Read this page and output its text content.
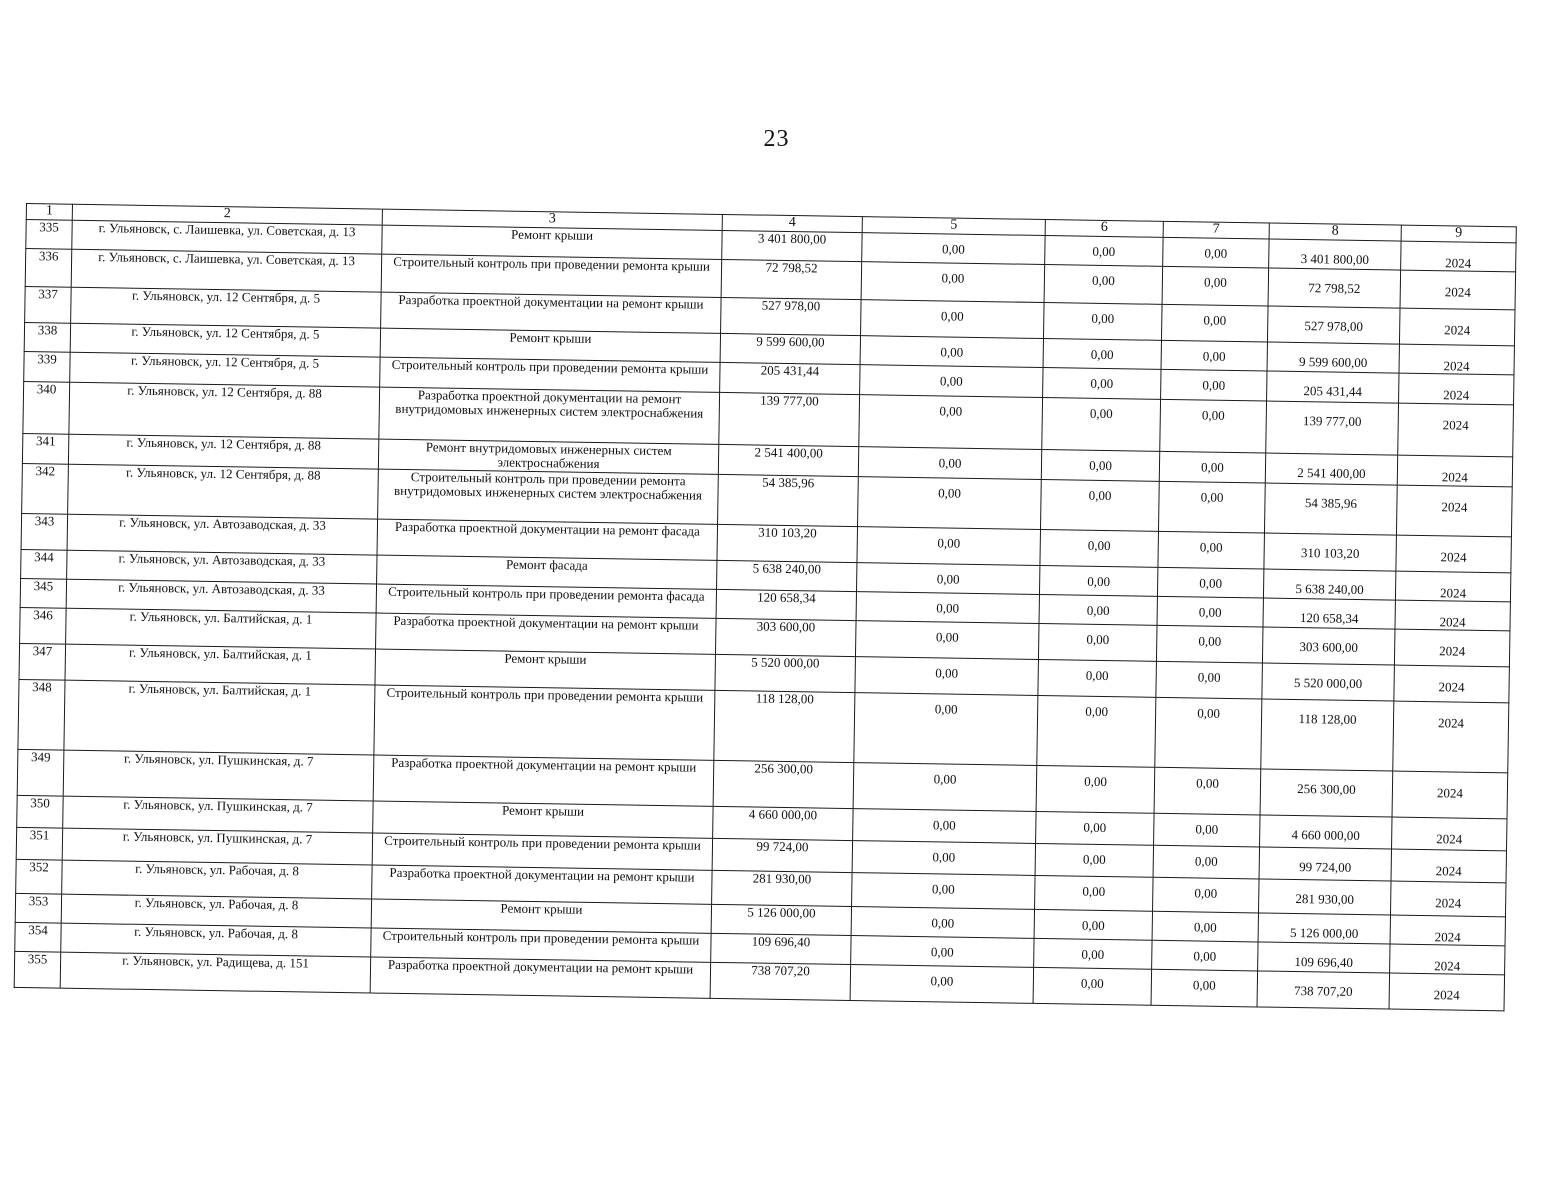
23
1	2	3	4	5	6	7	8	9
335	г. Ульяновск, с. Лаишевка, ул. Советская, д. 13	Ремонт крыши	3 401 800,00	0,00	0,00	0,00	3 401 800,00	2024
336	г. Ульяновск, с. Лаишевка, ул. Советская, д. 13	Строительный контроль при проведении ремонта крыши	72 798,52	0,00	0,00	0,00	72 798,52	2024
337	г. Ульяновск, ул. 12 Сентября, д. 5	Разработка проектной документации на ремонт крыши	527 978,00	0,00	0,00	0,00	527 978,00	2024
338	г. Ульяновск, ул. 12 Сентября, д. 5	Ремонт крыши	9 599 600,00	0,00	0,00	0,00	9 599 600,00	2024
339	г. Ульяновск, ул. 12 Сентября, д. 5	Строительный контроль при проведении ремонта крыши	205 431,44	0,00	0,00	0,00	205 431,44	2024
340	г. Ульяновск, ул. 12 Сентября, д. 88	Разработка проектной документации на ремонт внутридомовых инженерных систем электроснабжения	139 777,00	0,00	0,00	0,00	139 777,00	2024
341	г. Ульяновск, ул. 12 Сентября, д. 88	Ремонт внутридомовых инженерных систем электроснабжения	2 541 400,00	0,00	0,00	0,00	2 541 400,00	2024
342	г. Ульяновск, ул. 12 Сентября, д. 88	Строительный контроль при проведении ремонта внутридомовых инженерных систем электроснабжения	54 385,96	0,00	0,00	0,00	54 385,96	2024
343	г. Ульяновск, ул. Автозаводская, д. 33	Разработка проектной документации на ремонт фасада	310 103,20	0,00	0,00	0,00	310 103,20	2024
344	г. Ульяновск, ул. Автозаводская, д. 33	Ремонт фасада	5 638 240,00	0,00	0,00	0,00	5 638 240,00	2024
345	г. Ульяновск, ул. Автозаводская, д. 33	Строительный контроль при проведении ремонта фасада	120 658,34	0,00	0,00	0,00	120 658,34	2024
346	г. Ульяновск, ул. Балтийская, д. 1	Разработка проектной документации на ремонт крыши	303 600,00	0,00	0,00	0,00	303 600,00	2024
347	г. Ульяновск, ул. Балтийская, д. 1	Ремонт крыши	5 520 000,00	0,00	0,00	0,00	5 520 000,00	2024
348	г. Ульяновск, ул. Балтийская, д. 1	Строительный контроль при проведении ремонта крыши	118 128,00	0,00	0,00	0,00	118 128,00	2024
349	г. Ульяновск, ул. Пушкинская, д. 7	Разработка проектной документации на ремонт крыши	256 300,00	0,00	0,00	0,00	256 300,00	2024
350	г. Ульяновск, ул. Пушкинская, д. 7	Ремонт крыши	4 660 000,00	0,00	0,00	0,00	4 660 000,00	2024
351	г. Ульяновск, ул. Пушкинская, д. 7	Строительный контроль при проведении ремонта крыши	99 724,00	0,00	0,00	0,00	99 724,00	2024
352	г. Ульяновск, ул. Рабочая, д. 8	Разработка проектной документации на ремонт крыши	281 930,00	0,00	0,00	0,00	281 930,00	2024
353	г. Ульяновск, ул. Рабочая, д. 8	Ремонт крыши	5 126 000,00	0,00	0,00	0,00	5 126 000,00	2024
354	г. Ульяновск, ул. Рабочая, д. 8	Строительный контроль при проведении ремонта крыши	109 696,40	0,00	0,00	0,00	109 696,40	2024
355	г. Ульяновск, ул. Радищева, д. 151	Разработка проектной документации на ремонт крыши	738 707,20	0,00	0,00	0,00	738 707,20	2024
